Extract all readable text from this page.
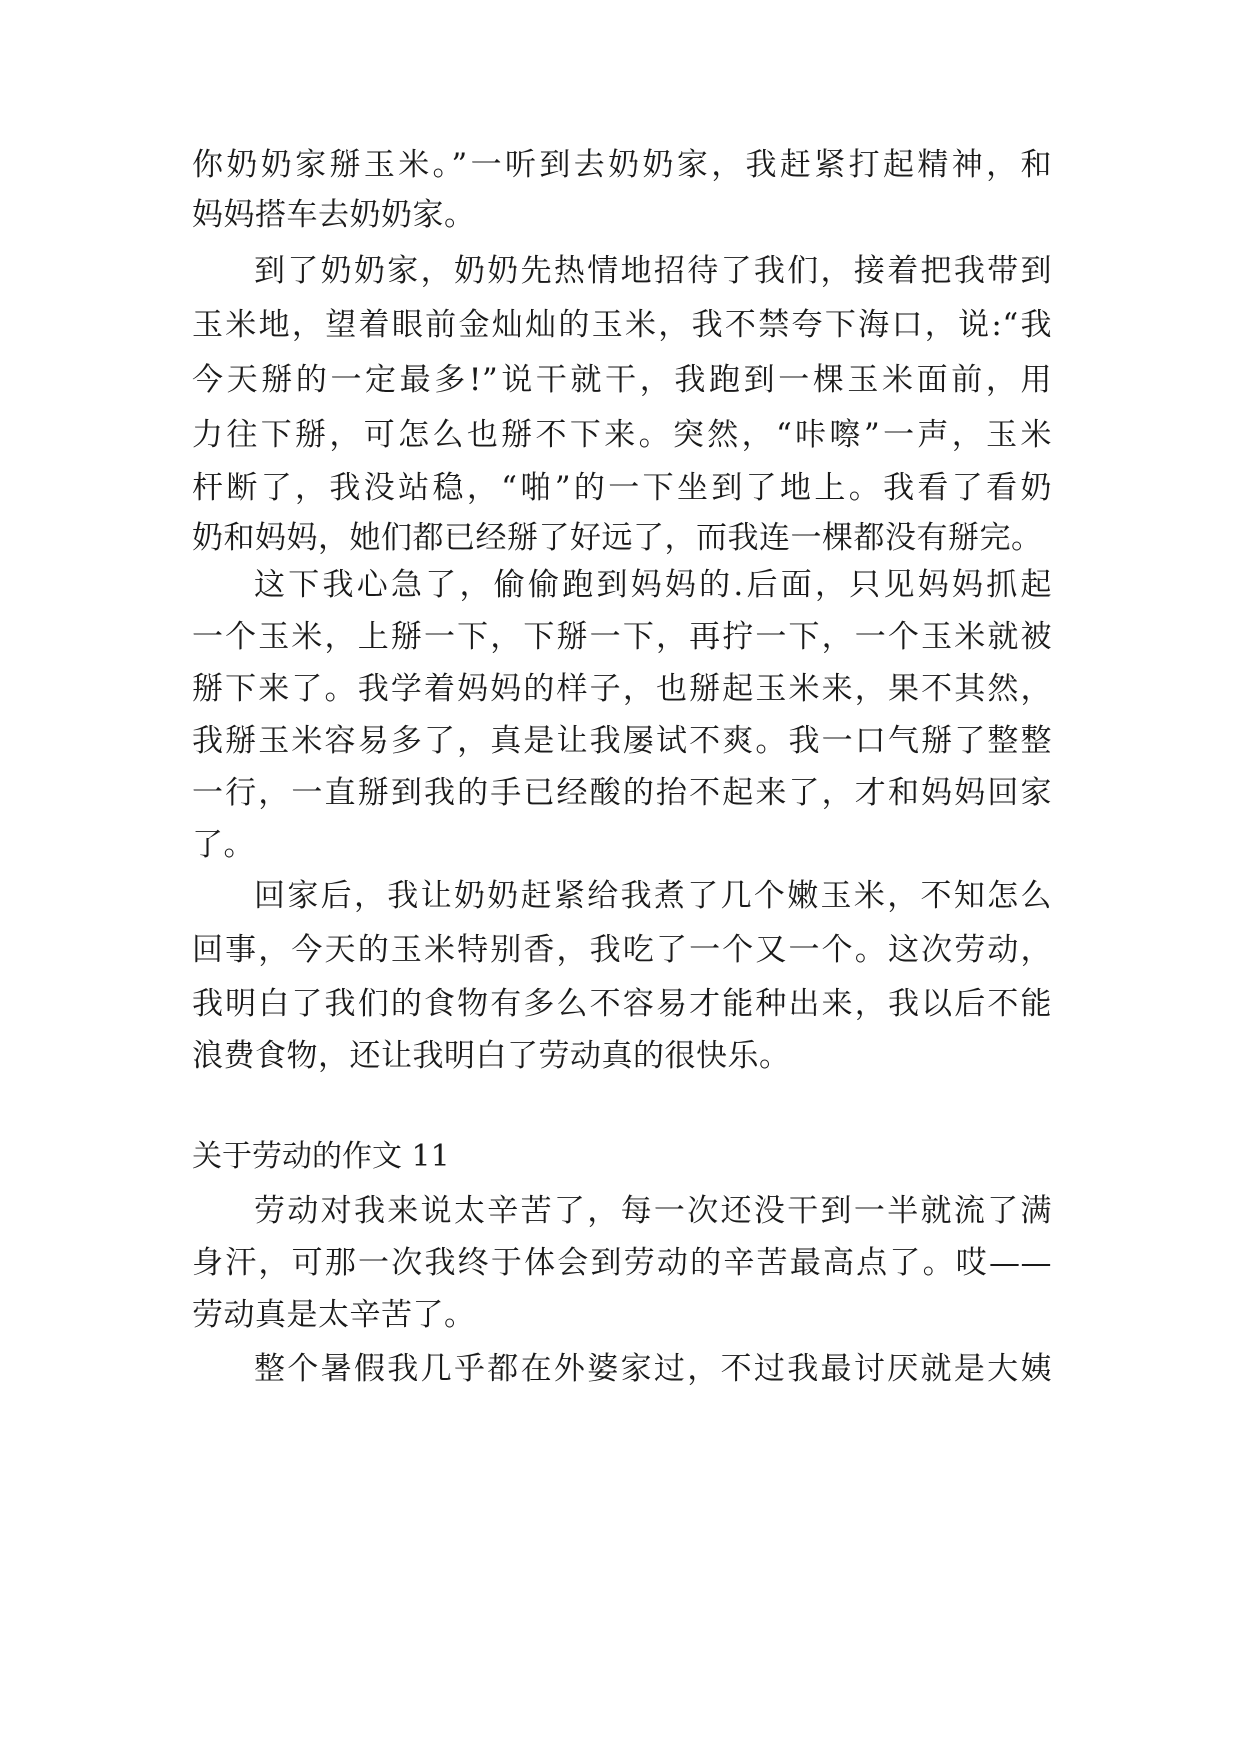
你奶奶家掰玉米。”一听到去奶奶家，我赶紧打起精神，和
妈妈搭车去奶奶家。
到了奶奶家，奶奶先热情地招待了我们，接着把我带到
玉米地，望着眼前金灿灿的玉米，我不禁夸下海口，说:“我
今天掰的一定最多!”说干就干，我跑到一棵玉米面前，用
力往下掰，可怎么也掰不下来。突然，“咔嚓”一声，玉米
杆断了，我没站稳，“啪”的一下坐到了地上。我看了看奶
奶和妈妈，她们都已经掰了好远了，而我连一棵都没有掰完。
这下我心急了，偷偷跑到妈妈的.后面，只见妈妈抓起
一个玉米，上掰一下，下掰一下，再拧一下，一个玉米就被
掰下来了。我学着妈妈的样子，也掰起玉米来，果不其然，
我掰玉米容易多了，真是让我屡试不爽。我一口气掰了整整
一行，一直掰到我的手已经酸的抬不起来了，才和妈妈回家
了。
回家后，我让奶奶赶紧给我煮了几个嫩玉米，不知怎么
回事，今天的玉米特别香，我吃了一个又一个。这次劳动，
我明白了我们的食物有多么不容易才能种出来，我以后不能
浪费食物，还让我明白了劳动真的很快乐。
关于劳动的作文 11
劳动对我来说太辛苦了，每一次还没干到一半就流了满
身汗，可那一次我终于体会到劳动的辛苦最高点了。哎——
劳动真是太辛苦了。
整个暑假我几乎都在外婆家过，不过我最讨厌就是大姨
